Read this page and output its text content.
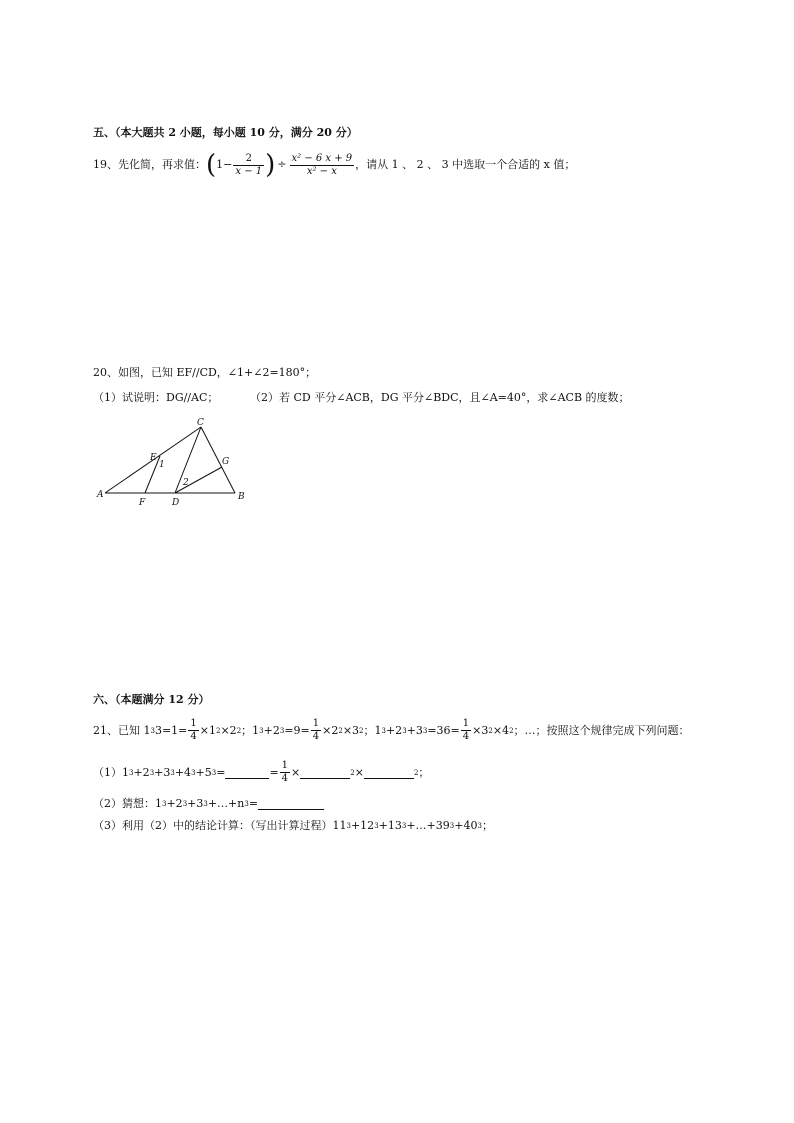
五、（本大题共 2 小题，每小题 10 分，满分 20 分）
19、先化简，再求值： ( $1- \frac{2}{x - 1}$ ) ÷ $\frac{\text{x² − 6 x + 9}}{\text{x² − x}}$ ，请从 1 、 2 、 3 中选取一个合适的 x 值；
20、如图，已知 EF//CD，∠1+∠2=180°；
（1）试说明：DG//AC；	（2）若 CD 平分∠ACB，DG 平分∠BDC，且∠A=40°，求∠ACB 的度数；
A	B
C
D
E
F
G
1
2
六、（本题满分 12 分）
21、已知 1 3 $3=1= \frac{1}{4} \times 1$ 2 ×2 2 ；1 3 +2 $3 =9= \frac{1}{4} \times 2$ 2 ×3 2 ；1 3 +2 3 +3 $3 =36= \frac{1}{4} \times 3$ 2 ×4 2 ；…；按照这个规律完成下列问题：
（1）1 3 +2 3 +3 3 +4 3 +5 3 =	= $\frac{1}{4}$ ×	2 ×	2 ；
（2）猜想：1 3 +2 3 +3 3 +…+n 3 =
（3）利用（2）中的结论计算：（写出计算过程）11 3 +12 3 +13 3 +…+39 3 +40 3 ；
